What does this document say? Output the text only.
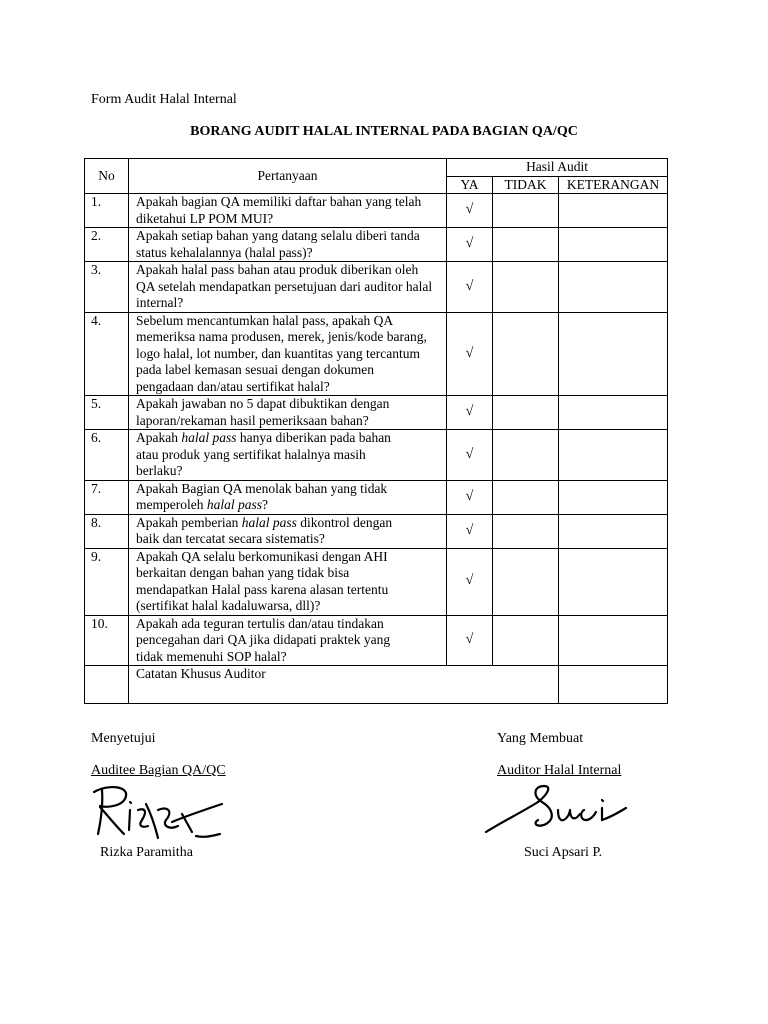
Form Audit Halal Internal
BORANG AUDIT HALAL INTERNAL PADA BAGIAN QA/QC
No	Pertanyaan	Hasil Audit		
		YA	TIDAK	KETERANGAN
1.	Apakah bagian QA memiliki daftar bahan yang telah
diketahui LP POM MUI?	√		
2.	Apakah setiap bahan yang datang selalu diberi tanda
status kehalalannya (halal pass)?	√		
3.	Apakah halal pass bahan atau produk diberikan oleh
QA setelah mendapatkan persetujuan dari auditor halal
internal?	√		
4.	Sebelum mencantumkan halal pass, apakah QA
memeriksa nama produsen, merek, jenis/kode barang,
logo halal, lot number, dan kuantitas yang tercantum
pada label kemasan sesuai dengan dokumen
pengadaan dan/atau sertifikat halal?	√		
5.	Apakah jawaban no 5 dapat dibuktikan dengan
laporan/rekaman hasil pemeriksaan bahan?	√		
6.	Apakah halal pass hanya diberikan pada bahan
atau produk yang sertifikat halalnya masih
berlaku?	√		
7.	Apakah Bagian QA menolak bahan yang tidak
memperoleh halal pass?	√		
8.	Apakah pemberian halal pass dikontrol dengan
baik dan tercatat secara sistematis?	√		
9.	Apakah QA selalu berkomunikasi dengan AHI
berkaitan dengan bahan yang tidak bisa
mendapatkan Halal pass karena alasan tertentu
(sertifikat halal kadaluwarsa, dll)?	√		
10.	Apakah ada teguran tertulis dan/atau tindakan
pencegahan dari QA jika didapati praktek yang
tidak memenuhi SOP halal?	√		
	Catatan Khusus Auditor			
Menyetujui	Yang Membuat
Auditee Bagian QA/QC	Auditor Halal Internal
Rizka Paramitha	Suci Apsari P.
